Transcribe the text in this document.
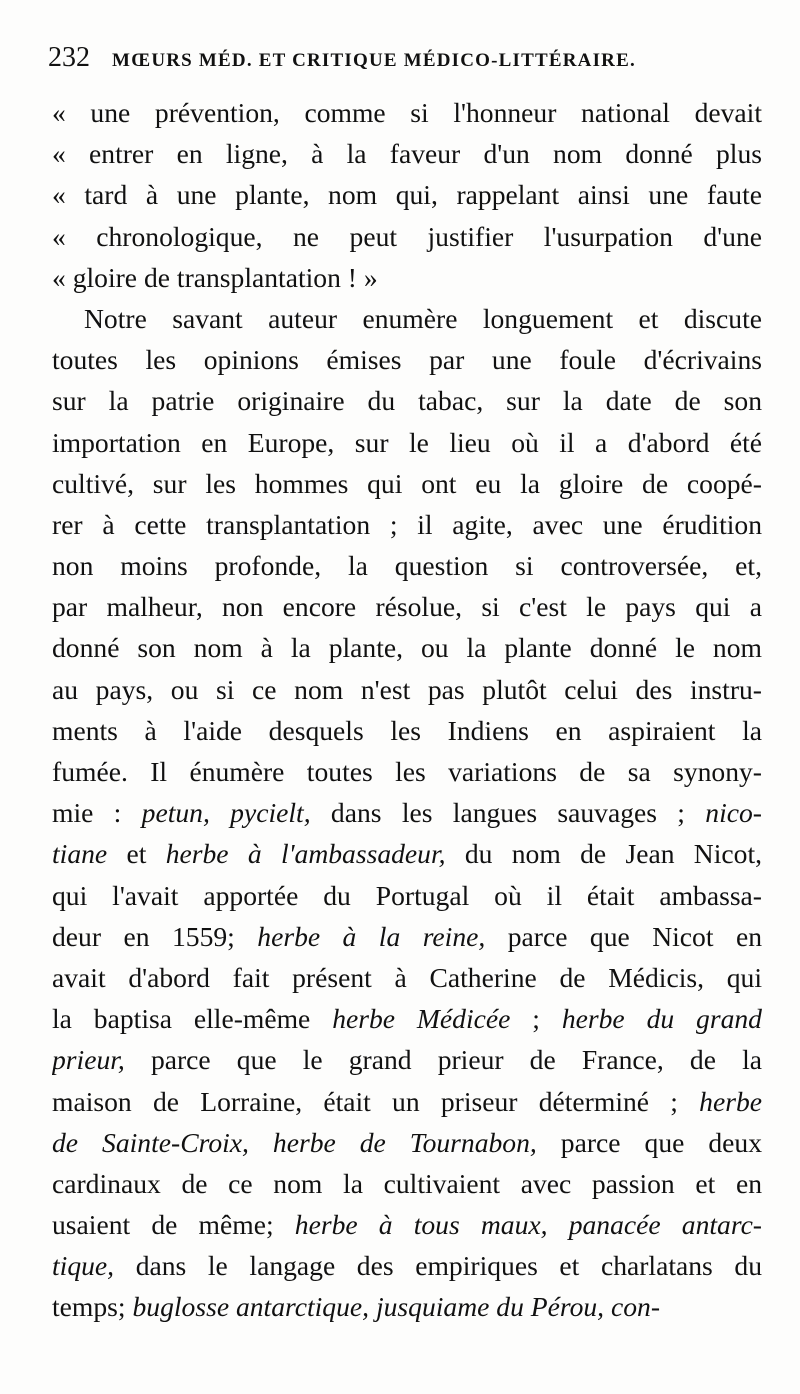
232 MŒURS MÉD. ET CRITIQUE MÉDICO-LITTÉRAIRE.
« une prévention, comme si l'honneur national devait
« entrer en ligne, à la faveur d'un nom donné plus
« tard à une plante, nom qui, rappelant ainsi une faute
« chronologique, ne peut justifier l'usurpation d'une
« gloire de transplantation ! »
Notre savant auteur enumère longuement et discute
toutes les opinions émises par une foule d'écrivains
sur la patrie originaire du tabac, sur la date de son
importation en Europe, sur le lieu où il a d'abord été
cultivé, sur les hommes qui ont eu la gloire de coopé-
rer à cette transplantation ; il agite, avec une érudition
non moins profonde, la question si controversée, et,
par malheur, non encore résolue, si c'est le pays qui a
donné son nom à la plante, ou la plante donné le nom
au pays, ou si ce nom n'est pas plutôt celui des instru-
ments à l'aide desquels les Indiens en aspiraient la
fumée. Il énumère toutes les variations de sa synony-
mie : petun, pycielt, dans les langues sauvages ; nico-
tiane et herbe à l'ambassadeur, du nom de Jean Nicot,
qui l'avait apportée du Portugal où il était ambassa-
deur en 1559; herbe à la reine, parce que Nicot en
avait d'abord fait présent à Catherine de Médicis, qui
la baptisa elle-même herbe Médicée ; herbe du grand
prieur, parce que le grand prieur de France, de la
maison de Lorraine, était un priseur déterminé ; herbe
de Sainte-Croix, herbe de Tournabon, parce que deux
cardinaux de ce nom la cultivaient avec passion et en
usaient de même; herbe à tous maux, panacée antarc-
tique, dans le langage des empiriques et charlatans du
temps; buglosse antarctique, jusquiame du Pérou, con-
